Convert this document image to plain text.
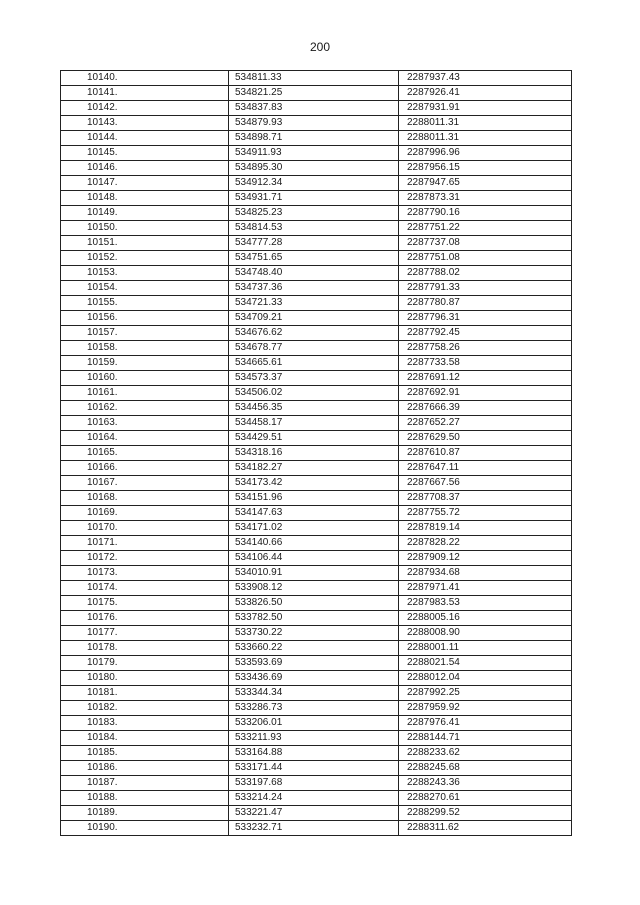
200
10140.	534811.33	2287937.43
10141.	534821.25	2287926.41
10142.	534837.83	2287931.91
10143.	534879.93	2288011.31
10144.	534898.71	2288011.31
10145.	534911.93	2287996.96
10146.	534895.30	2287956.15
10147.	534912.34	2287947.65
10148.	534931.71	2287873.31
10149.	534825.23	2287790.16
10150.	534814.53	2287751.22
10151.	534777.28	2287737.08
10152.	534751.65	2287751.08
10153.	534748.40	2287788.02
10154.	534737.36	2287791.33
10155.	534721.33	2287780.87
10156.	534709.21	2287796.31
10157.	534676.62	2287792.45
10158.	534678.77	2287758.26
10159.	534665.61	2287733.58
10160.	534573.37	2287691.12
10161.	534506.02	2287692.91
10162.	534456.35	2287666.39
10163.	534458.17	2287652.27
10164.	534429.51	2287629.50
10165.	534318.16	2287610.87
10166.	534182.27	2287647.11
10167.	534173.42	2287667.56
10168.	534151.96	2287708.37
10169.	534147.63	2287755.72
10170.	534171.02	2287819.14
10171.	534140.66	2287828.22
10172.	534106.44	2287909.12
10173.	534010.91	2287934.68
10174.	533908.12	2287971.41
10175.	533826.50	2287983.53
10176.	533782.50	2288005.16
10177.	533730.22	2288008.90
10178.	533660.22	2288001.11
10179.	533593.69	2288021.54
10180.	533436.69	2288012.04
10181.	533344.34	2287992.25
10182.	533286.73	2287959.92
10183.	533206.01	2287976.41
10184.	533211.93	2288144.71
10185.	533164.88	2288233.62
10186.	533171.44	2288245.68
10187.	533197.68	2288243.36
10188.	533214.24	2288270.61
10189.	533221.47	2288299.52
10190.	533232.71	2288311.62
